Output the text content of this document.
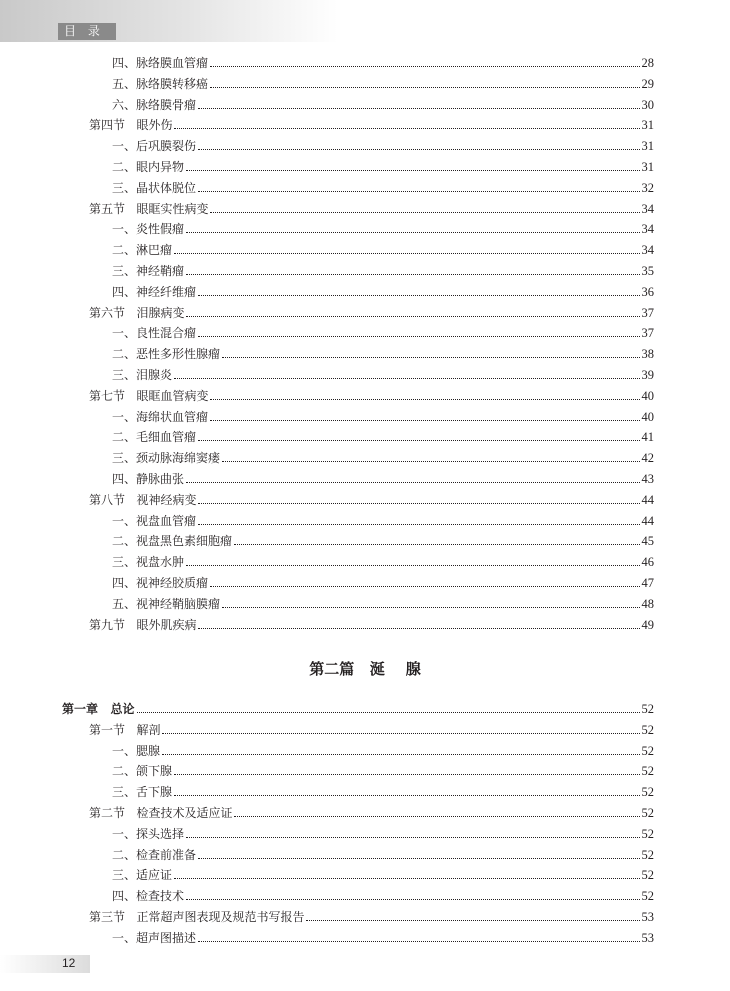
目 录 •
四、脉络膜血管瘤	28
五、脉络膜转移癌	29
六、脉络膜骨瘤	30
第四节   眼外伤	31
一、后巩膜裂伤	31
二、眼内异物	31
三、晶状体脱位	32
第五节   眼眶实性病变	34
一、炎性假瘤	34
二、淋巴瘤	34
三、神经鞘瘤	35
四、神经纤维瘤	36
第六节   泪腺病变	37
一、良性混合瘤	37
二、恶性多形性腺瘤	38
三、泪腺炎	39
第七节   眼眶血管病变	40
一、海绵状血管瘤	40
二、毛细血管瘤	41
三、颈动脉海绵窦瘘	42
四、静脉曲张	43
第八节   视神经病变	44
一、视盘血管瘤	44
二、视盘黑色素细胞瘤	45
三、视盘水肿	46
四、视神经胶质瘤	47
五、视神经鞘脑膜瘤	48
第九节   眼外肌疾病	49
第二篇   涎    腺
第一章   总论	52
第一节   解剖	52
一、腮腺	52
二、颌下腺	52
三、舌下腺	52
第二节   检查技术及适应证	52
一、探头选择	52
二、检查前准备	52
三、适应证	52
四、检查技术	52
第三节   正常超声图表现及规范书写报告	53
一、超声图描述	53
12
